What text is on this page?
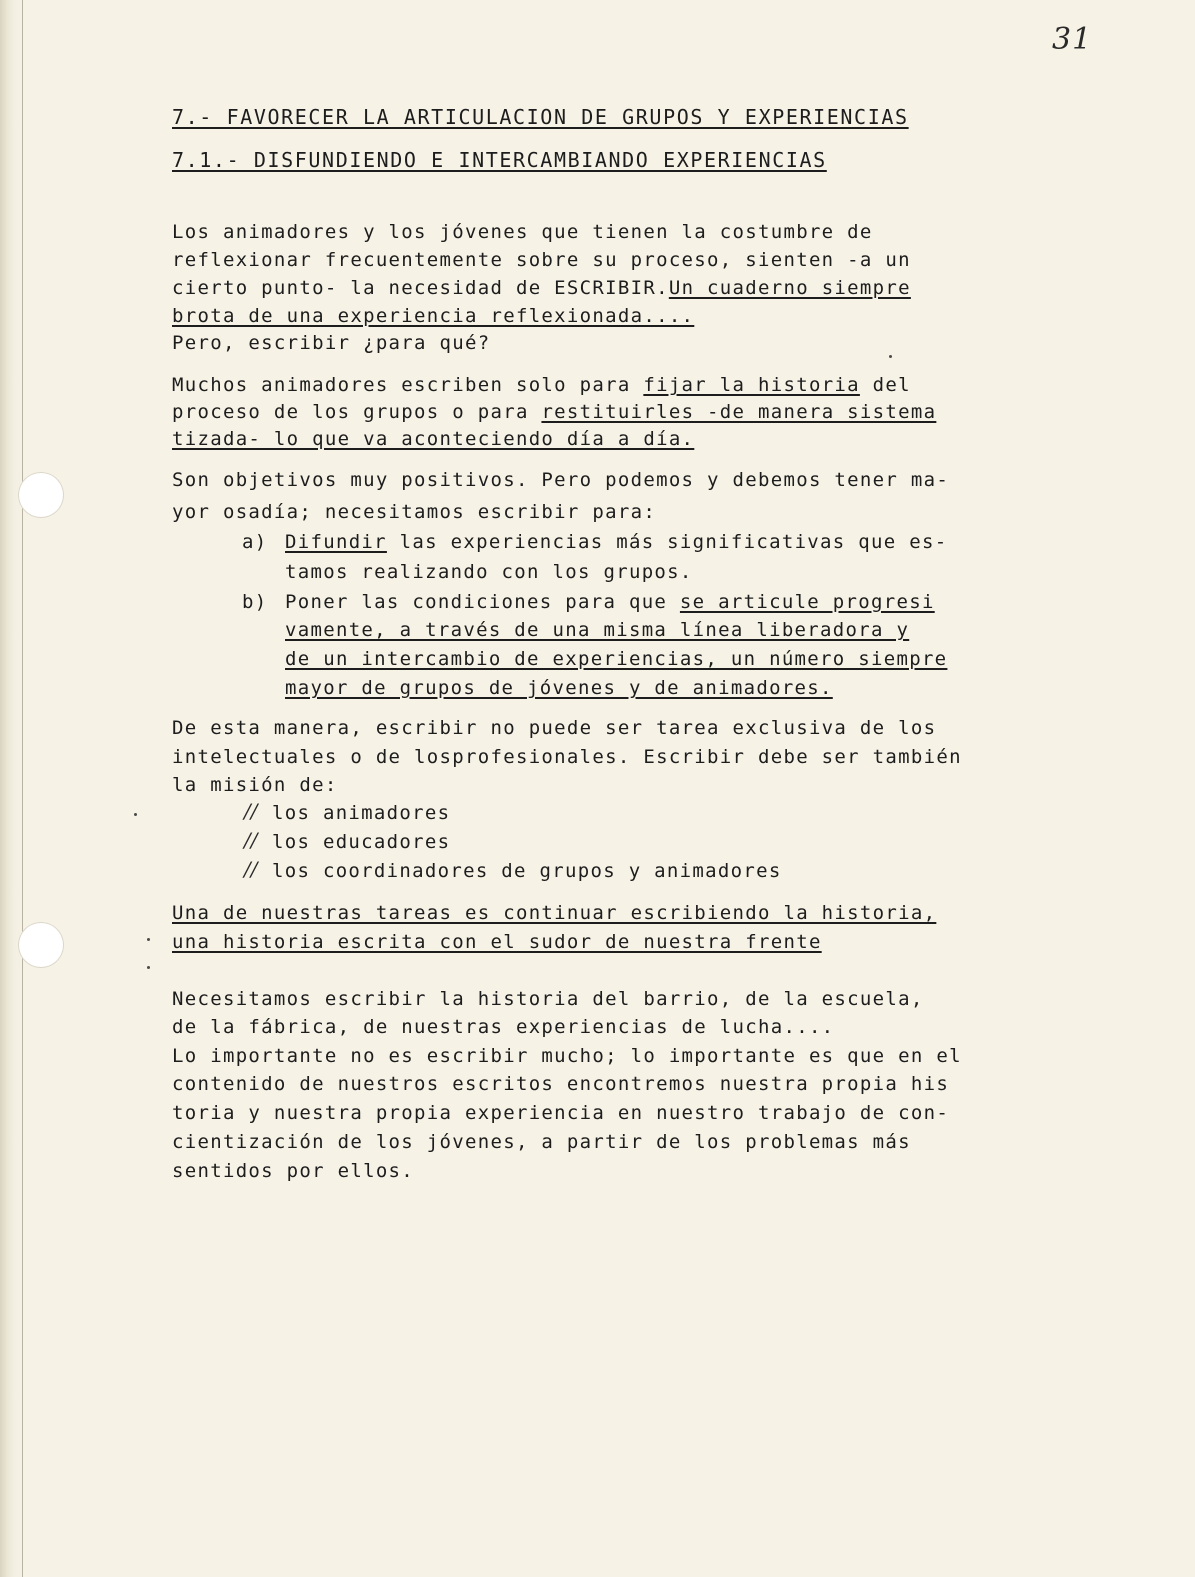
31
7.- FAVORECER LA ARTICULACION DE GRUPOS Y EXPERIENCIAS
7.1.- DISFUNDIENDO E INTERCAMBIANDO EXPERIENCIAS
Los animadores y los jóvenes que tienen la costumbre de
reflexionar frecuentemente sobre su proceso, sienten -a un
cierto punto- la necesidad de ESCRIBIR.Un cuaderno siempre
brota de una experiencia reflexionada....
Pero, escribir ¿para qué?
Muchos animadores escriben solo para fijar la historia del
proceso de los grupos o para restituirles -de manera sistema
tizada- lo que va aconteciendo día a día.
Son objetivos muy positivos. Pero podemos y debemos tener ma-
yor osadía; necesitamos escribir para:
a) Difundir las experiencias más significativas que es-
tamos realizando con los grupos.
b) Poner las condiciones para que se articule progresi
vamente, a través de una misma línea liberadora y
de un intercambio de experiencias, un número siempre
mayor de grupos de jóvenes y de animadores.
De esta manera, escribir no puede ser tarea exclusiva de los
intelectuales o de losprofesionales. Escribir debe ser también
la misión de:
// los animadores
// los educadores
// los coordinadores de grupos y animadores
Una de nuestras tareas es continuar escribiendo la historia,
una historia escrita con el sudor de nuestra frente
Necesitamos escribir la historia del barrio, de la escuela,
de la fábrica, de nuestras experiencias de lucha....
Lo importante no es escribir mucho; lo importante es que en el
contenido de nuestros escritos encontremos nuestra propia his
toria y nuestra propia experiencia en nuestro trabajo de con-
cientización de los jóvenes, a partir de los problemas más
sentidos por ellos.
